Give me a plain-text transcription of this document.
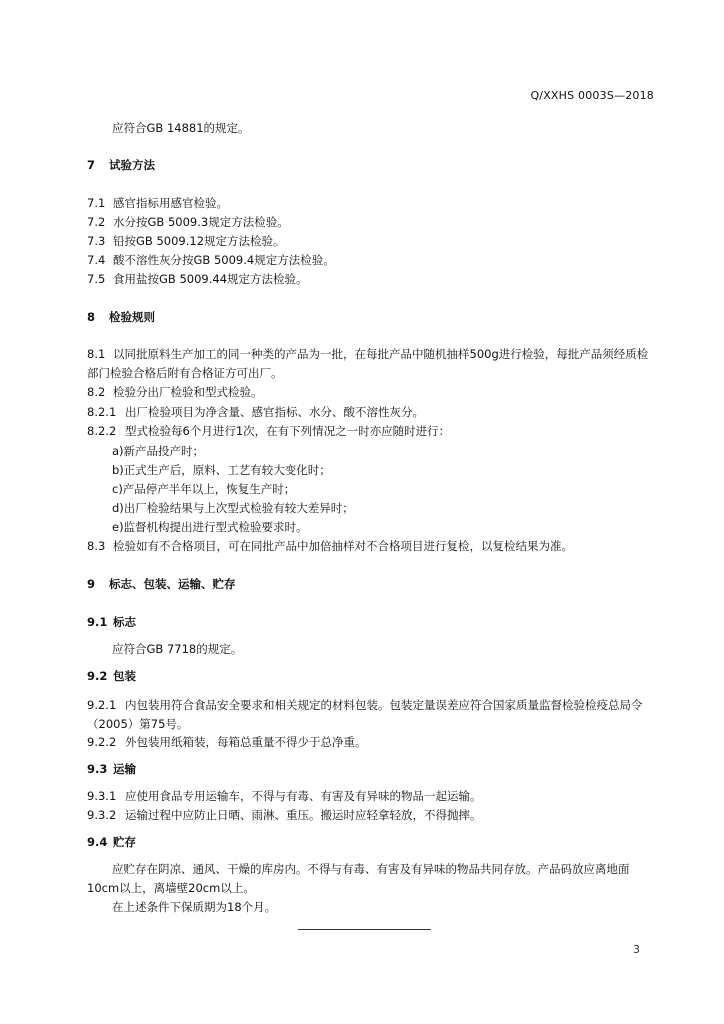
Q/XXHS 0003S—2018
应符合GB 14881的规定。
7 试验方法
7.1 感官指标用感官检验。
7.2 水分按GB 5009.3规定方法检验。
7.3 铅按GB 5009.12规定方法检验。
7.4 酸不溶性灰分按GB 5009.4规定方法检验。
7.5 食用盐按GB 5009.44规定方法检验。
8 检验规则
8.1 以同批原料生产加工的同一种类的产品为一批，在每批产品中随机抽样500g进行检验，每批产品须经质检部门检验合格后附有合格证方可出厂。
8.2 检验分出厂检验和型式检验。
8.2.1 出厂检验项目为净含量、感官指标、水分、酸不溶性灰分。
8.2.2 型式检验每6个月进行1次，在有下列情况之一时亦应随时进行：
a)新产品投产时；
b)正式生产后，原料、工艺有较大变化时；
c)产品停产半年以上，恢复生产时；
d)出厂检验结果与上次型式检验有较大差异时；
e)监督机构提出进行型式检验要求时。
8.3 检验如有不合格项目，可在同批产品中加倍抽样对不合格项目进行复检，以复检结果为准。
9 标志、包装、运输、贮存
9.1 标志
应符合GB 7718的规定。
9.2 包装
9.2.1 内包装用符合食品安全要求和相关规定的材料包装。包装定量误差应符合国家质量监督检验检疫总局令（2005）第75号。
9.2.2 外包装用纸箱装，每箱总重量不得少于总净重。
9.3 运输
9.3.1 应使用食品专用运输车，不得与有毒、有害及有异味的物品一起运输。
9.3.2 运输过程中应防止日晒、雨淋、重压。搬运时应轻拿轻放，不得抛摔。
9.4 贮存
应贮存在阴凉、通风、干燥的库房内。不得与有毒、有害及有异味的物品共同存放。产品码放应离地面10cm以上，离墙壁20cm以上。
在上述条件下保质期为18个月。
3
